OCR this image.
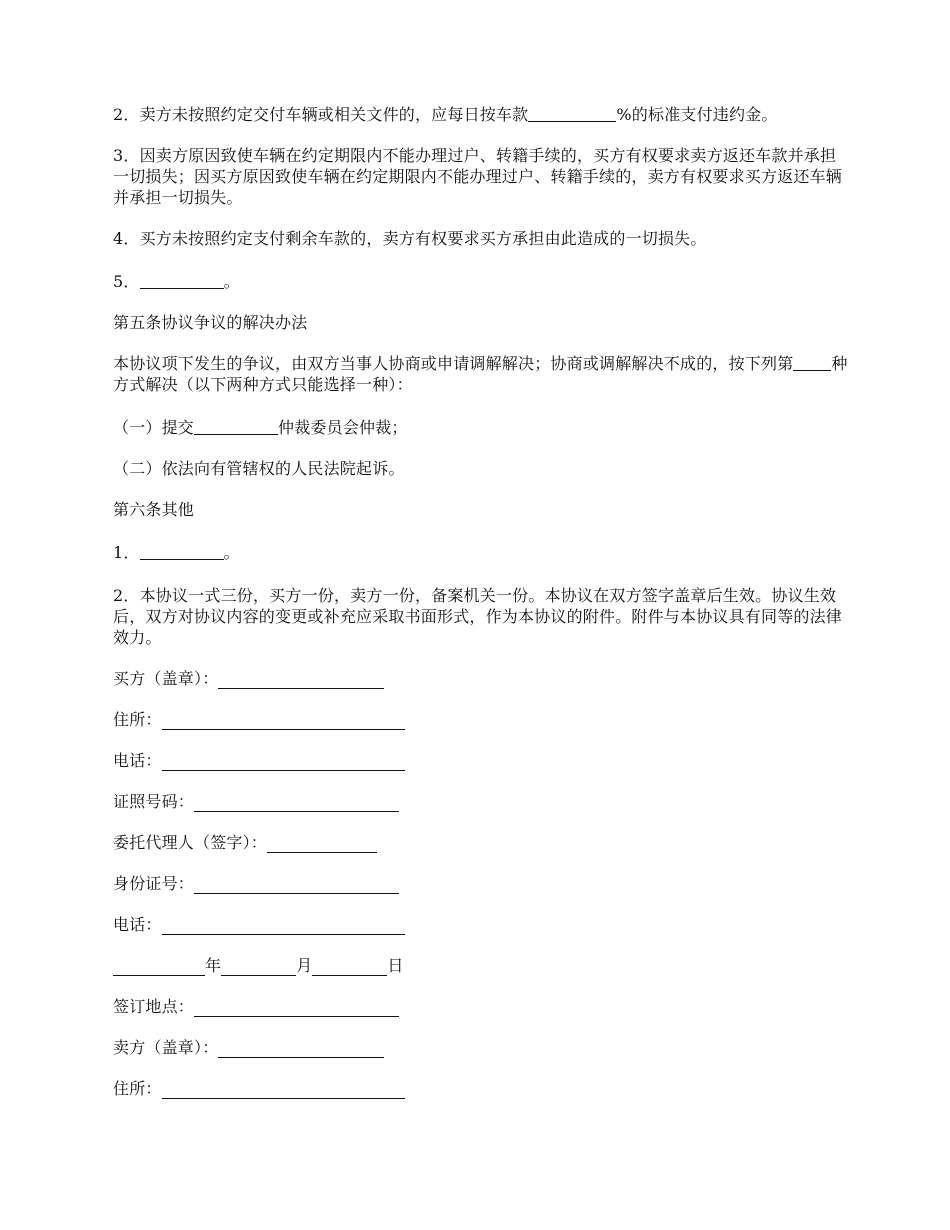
2．卖方未按照约定交付车辆或相关文件的，应每日按车款	%的标准支付违约金。

3．因卖方原因致使车辆在约定期限内不能办理过户、转籍手续的，买方有权要求卖方返还车款并承担一切损失；因买方原因致使车辆在约定期限内不能办理过户、转籍手续的，卖方有权要求买方返还车辆并承担一切损失。

4．买方未按照约定支付剩余车款的，卖方有权要求买方承担由此造成的一切损失。

5．	。

第五条协议争议的解决办法

本协议项下发生的争议，由双方当事人协商或申请调解解决；协商或调解解决不成的，按下列第 种方式解决（以下两种方式只能选择一种）：

（一）提交	仲裁委员会仲裁；

（二）依法向有管辖权的人民法院起诉。

第六条其他

1．	。

2．本协议一式三份，买方一份，卖方一份，备案机关一份。本协议在双方签字盖章后生效。协议生效后，双方对协议内容的变更或补充应采取书面形式，作为本协议的附件。附件与本协议具有同等的法律效力。

买方（盖章）：
住所：
电话：
证照号码：
委托代理人（签字）：
身份证号：
电话：
年	月	日
签订地点：
卖方（盖章）：
住所：
